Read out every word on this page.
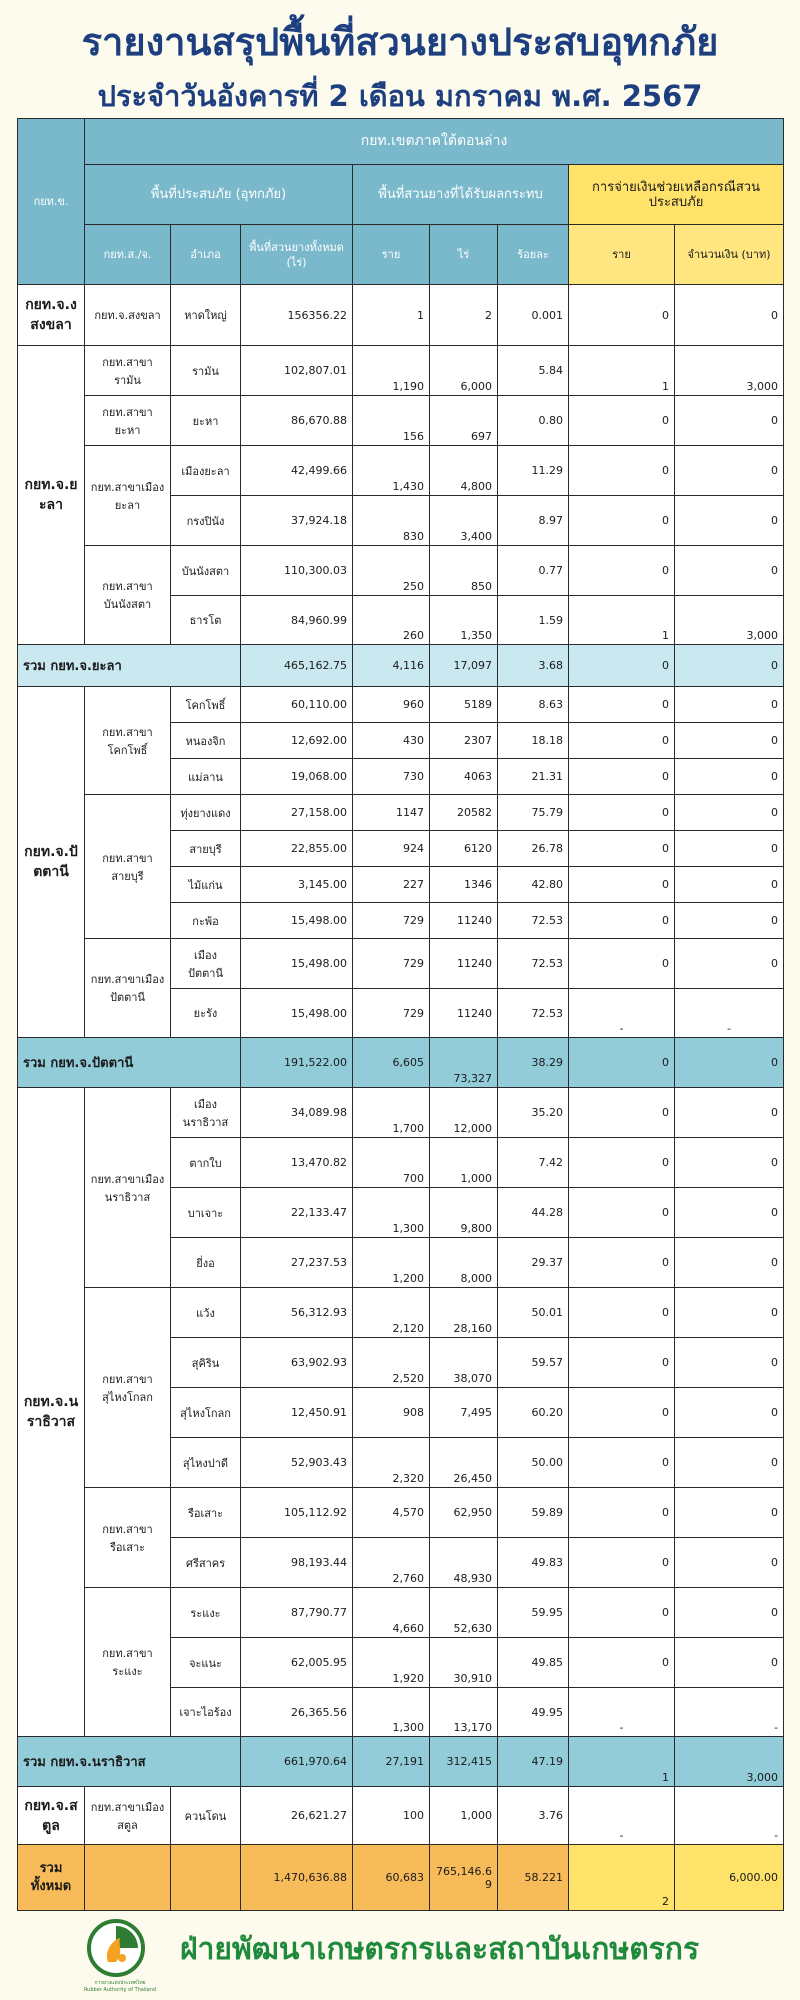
รายงานสรุปพื้นที่สวนยางประสบอุทกภัย
ประจำวันอังคารที่ 2 เดือน มกราคม พ.ศ. 2567
กยท.ข.	กยท.เขตภาคใต้ตอนล่าง							
	พื้นที่ประสบภัย (อุทกภัย)			พื้นที่สวนยางที่ได้รับผลกระทบ			การจ่ายเงินช่วยเหลือกรณีสวนประสบภัย	
	กยท.ส./จ.	อำเภอ	พื้นที่สวนยางทั้งหมด (ไร่)	ราย	ไร่	ร้อยละ	ราย	จำนวนเงิน (บาท)
กยท.จ.ง สงขลา	กยท.จ.สงขลา	หาดใหญ่	156356.22	1	2	0.001	0	0
กยท.จ.ย ะลา	กยท.สาขารามัน	รามัน	102,807.01	1,190	6,000	5.84	1	3,000
	กยท.สาขายะหา	ยะหา	86,670.88	156	697	0.80	0	0
	กยท.สาขาเมือง ยะลา	เมืองยะลา	42,499.66	1,430	4,800	11.29	0	0
		กรงปินัง	37,924.18	830	3,400	8.97	0	0
	กยท.สาขา บันนังสตา	บันนังสตา	110,300.03	250	850	0.77	0	0
		ธารโต	84,960.99	260	1,350	1.59	1	3,000
รวม กยท.จ.ยะลา			465,162.75	4,116	17,097	3.68	0	0
กยท.จ.ปั ตตานี	กยท.สาขา โคกโพธิ์	โคกโพธิ์	60,110.00	960	5189	8.63	0	0
		หนองจิก	12,692.00	430	2307	18.18	0	0
		แม่ลาน	19,068.00	730	4063	21.31	0	0
	กยท.สาขา สายบุรี	ทุ่งยางแดง	27,158.00	1147	20582	75.79	0	0
		สายบุรี	22,855.00	924	6120	26.78	0	0
		ไม้แก่น	3,145.00	227	1346	42.80	0	0
		กะพ้อ	15,498.00	729	11240	72.53	0	0
	กยท.สาขาเมือง ปัตตานี	เมือง ปัตตานี	15,498.00	729	11240	72.53	0	0
		ยะรัง	15,498.00	729	11240	72.53	-	-
รวม กยท.จ.ปัตตานี			191,522.00	6,605	73,327	38.29	0	0
กยท.จ.น ราธิวาส	กยท.สาขาเมือง นราธิวาส	เมือง นราธิวาส	34,089.98	1,700	12,000	35.20	0	0
		ตากใบ	13,470.82	700	1,000	7.42	0	0
		บาเจาะ	22,133.47	1,300	9,800	44.28	0	0
		ยี่งอ	27,237.53	1,200	8,000	29.37	0	0
	กยท.สาขา สุไหงโกลก	แว้ง	56,312.93	2,120	28,160	50.01	0	0
		สุคิริน	63,902.93	2,520	38,070	59.57	0	0
		สุไหงโกลก	12,450.91	908	7,495	60.20	0	0
		สุไหงปาดี	52,903.43	2,320	26,450	50.00	0	0
	กยท.สาขา รือเสาะ	รือเสาะ	105,112.92	4,570	62,950	59.89	0	0
		ศรีสาคร	98,193.44	2,760	48,930	49.83	0	0
	กยท.สาขา ระแงะ	ระแงะ	87,790.77	4,660	52,630	59.95	0	0
		จะแนะ	62,005.95	1,920	30,910	49.85	0	0
		เจาะไอร้อง	26,365.56	1,300	13,170	49.95	-	-
รวม กยท.จ.นราธิวาส			661,970.64	27,191	312,415	47.19	1	3,000
กยท.จ.ส ตูล	กยท.สาขาเมือง สตูล	ควนโดน	26,621.27	100	1,000	3.76	-	-
รวม ทั้งหมด			1,470,636.88	60,683	765,146.6 9	58.221	2	6,000.00
การยางแห่งประเทศไทย
Rubber Authority of Thailand
ฝ่ายพัฒนาเกษตรกรและสถาบันเกษตรกร
